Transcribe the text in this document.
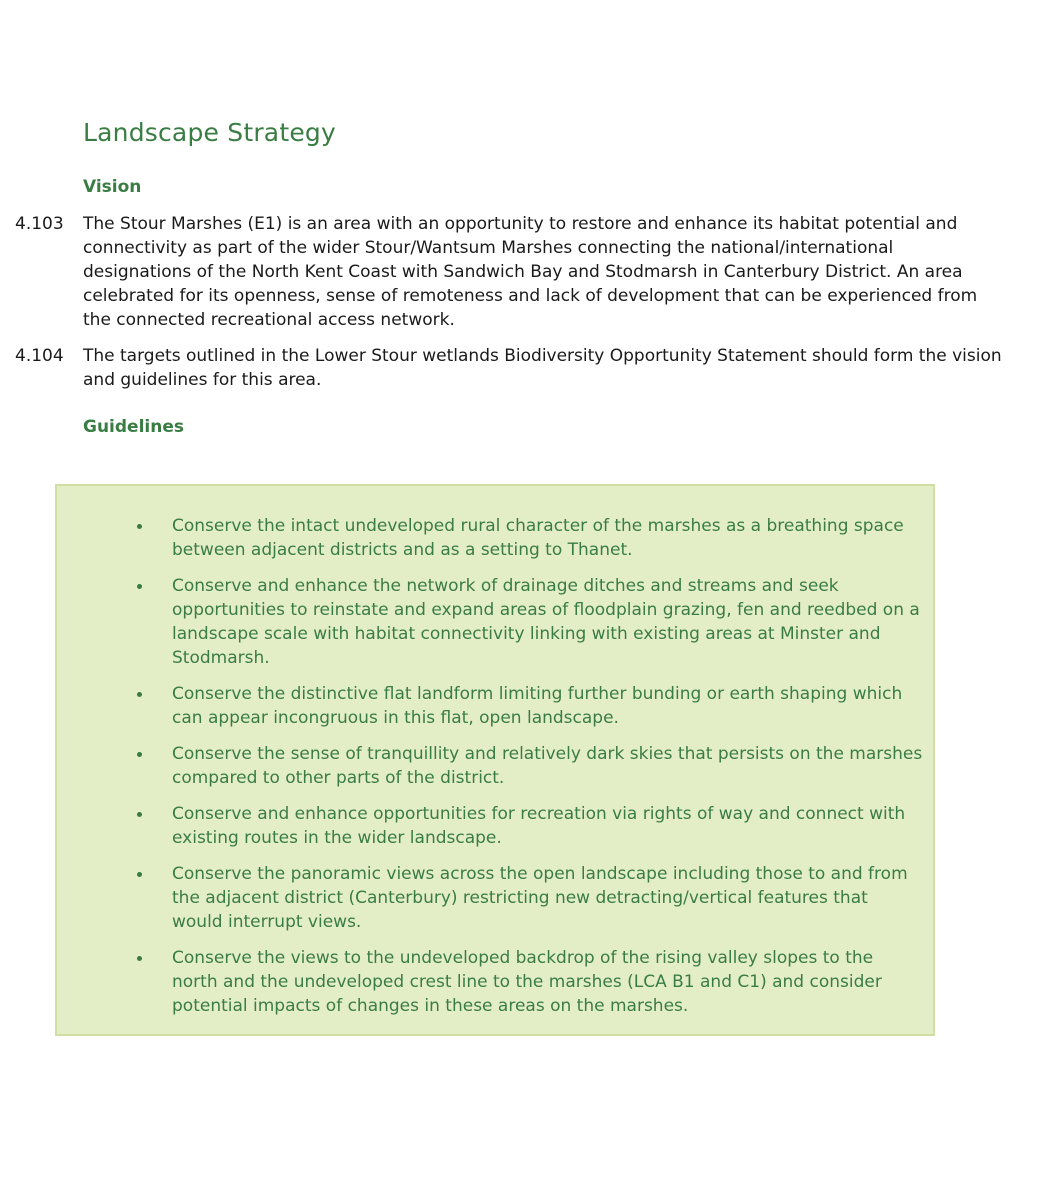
Landscape Strategy
Vision
4.103	The Stour Marshes (E1) is an area with an opportunity to restore and enhance its habitat potential and connectivity as part of the wider Stour/Wantsum Marshes connecting the national/international designations of the North Kent Coast with Sandwich Bay and Stodmarsh in Canterbury District. An area celebrated for its openness, sense of remoteness and lack of development that can be experienced from the connected recreational access network.
4.104	The targets outlined in the Lower Stour wetlands Biodiversity Opportunity Statement should form the vision and guidelines for this area.
Guidelines
Conserve the intact undeveloped rural character of the marshes as a breathing space between adjacent districts and as a setting to Thanet.
Conserve and enhance the network of drainage ditches and streams and seek opportunities to reinstate and expand areas of floodplain grazing, fen and reedbed on a landscape scale with habitat connectivity linking with existing areas at Minster and Stodmarsh.
Conserve the distinctive flat landform limiting further bunding or earth shaping which can appear incongruous in this flat, open landscape.
Conserve the sense of tranquillity and relatively dark skies that persists on the marshes compared to other parts of the district.
Conserve and enhance opportunities for recreation via rights of way and connect with existing routes in the wider landscape.
Conserve the panoramic views across the open landscape including those to and from the adjacent district (Canterbury) restricting new detracting/vertical features that would interrupt views.
Conserve the views to the undeveloped backdrop of the rising valley slopes to the north and the undeveloped crest line to the marshes (LCA B1 and C1) and consider potential impacts of changes in these areas on the marshes.
